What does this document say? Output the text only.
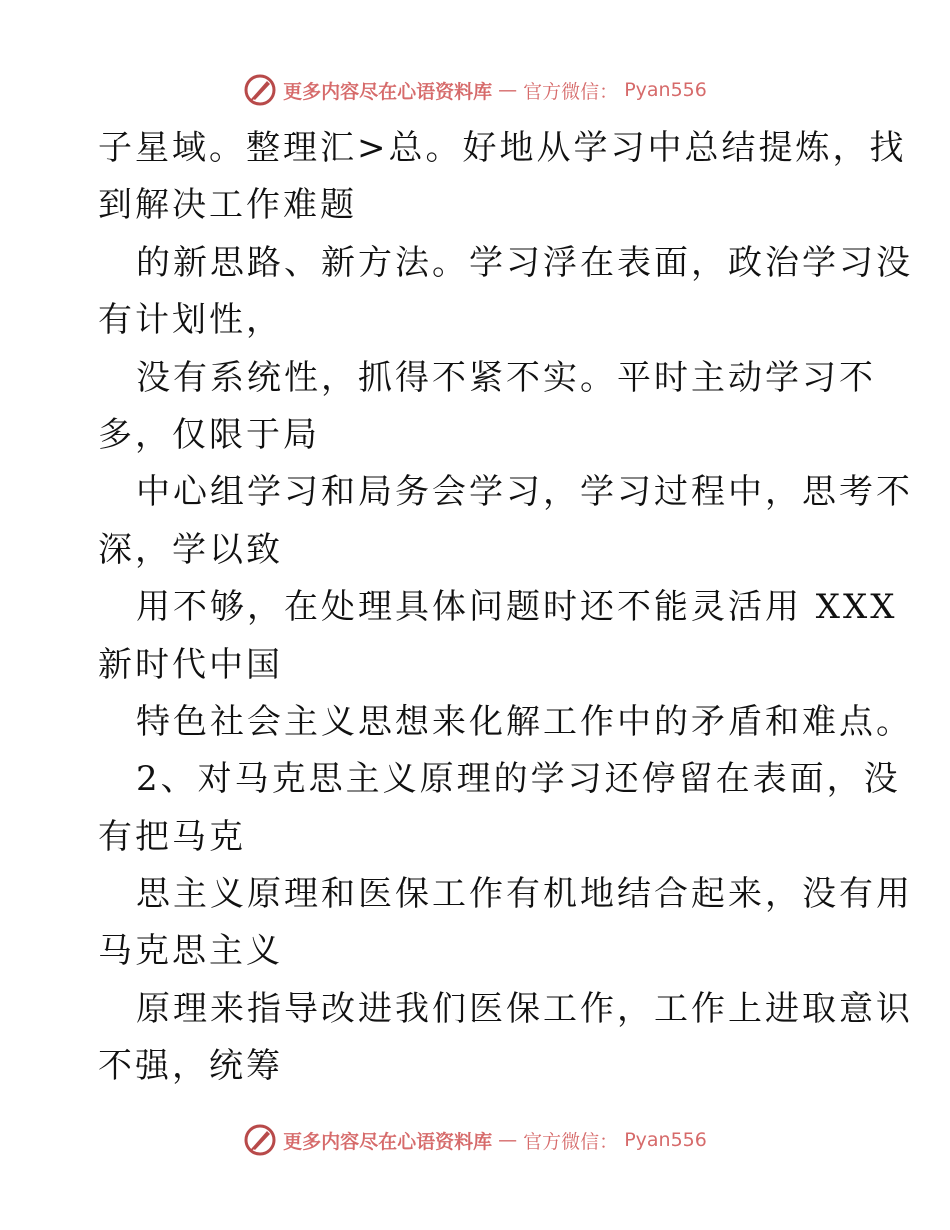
更多内容尽在心语资料库 — 官方微信： Pyan556
子星域。整理汇>总。好地从学习中总结提炼，找
到解决工作难题
的新思路、新方法。学习浮在表面，政治学习没
有计划性，
没有系统性，抓得不紧不实。平时主动学习不
多，仅限于局
中心组学习和局务会学习，学习过程中，思考不
深，学以致
用不够，在处理具体问题时还不能灵活用 XXX
新时代中国
特色社会主义思想来化解工作中的矛盾和难点。
2、对马克思主义原理的学习还停留在表面，没
有把马克
思主义原理和医保工作有机地结合起来，没有用
马克思主义
原理来指导改进我们医保工作，工作上进取意识
不强，统筹
更多内容尽在心语资料库 — 官方微信： Pyan556
